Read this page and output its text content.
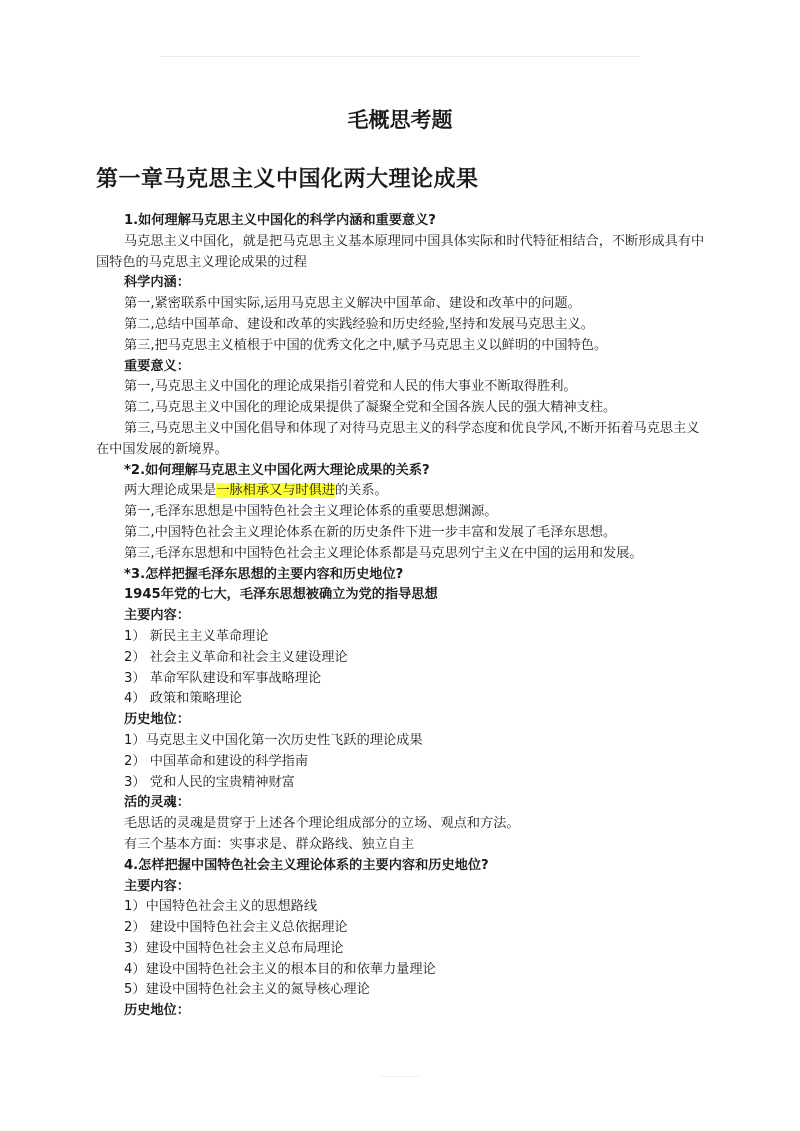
毛概思考题
第一章马克思主义中国化两大理论成果
1.如何理解马克思主义中国化的科学内涵和重要意义?
马克思主义中国化，就是把马克思主义基本原理同中国具体实际和时代特征相结合，不断形成具有中国特色的马克思主义理论成果的过程
科学内涵：
第一,紧密联系中国实际,运用马克思主义解决中国革命、建设和改革中的问题。
第二,总结中国革命、建设和改革的实践经验和历史经验,坚持和发展马克思主义。
第三,把马克思主义植根于中国的优秀文化之中,赋予马克思主义以鲜明的中国特色。
重要意义：
第一,马克思主义中国化的理论成果指引着党和人民的伟大事业不断取得胜利。
第二,马克思主义中国化的理论成果提供了凝聚全党和全国各族人民的强大精神支柱。
第三,马克思主义中国化倡导和体现了对待马克思主义的科学态度和优良学风,不断开拓着马克思主义在中国发展的新境界。
*2.如何理解马克思主义中国化两大理论成果的关系?
两大理论成果是一脉相承又与时俱进的关系。
第一,毛泽东思想是中国特色社会主义理论体系的重要思想渊源。
第二,中国特色社会主义理论体系在新的历史条件下进一步丰富和发展了毛泽东思想。
第三,毛泽东思想和中国特色社会主义理论体系都是马克思列宁主义在中国的运用和发展。
*3.怎样把握毛泽东思想的主要内容和历史地位?
1945年党的七大，毛泽东思想被确立为党的指导思想
主要内容：
1） 新民主主义革命理论
2） 社会主义革命和社会主义建设理论
3） 革命军队建设和军事战略理论
4） 政策和策略理论
历史地位：
1）马克思主义中国化第一次历史性飞跃的理论成果
2） 中国革命和建设的科学指南
3） 党和人民的宝贵精神财富
活的灵魂：
毛思话的灵魂是贯穿于上述各个理论组成部分的立场、观点和方法。
有三个基本方面：实事求是、群众路线、独立自主
4.怎样把握中国特色社会主义理论体系的主要内容和历史地位?
主要内容：
1）中国特色社会主义的思想路线
2） 建设中国特色社会主义总依据理论
3）建设中国特色社会主义总布局理论
4）建设中国特色社会主义的根本目的和依華力量理论
5）建设中国特色社会主义的氮导核心理论
历史地位：
